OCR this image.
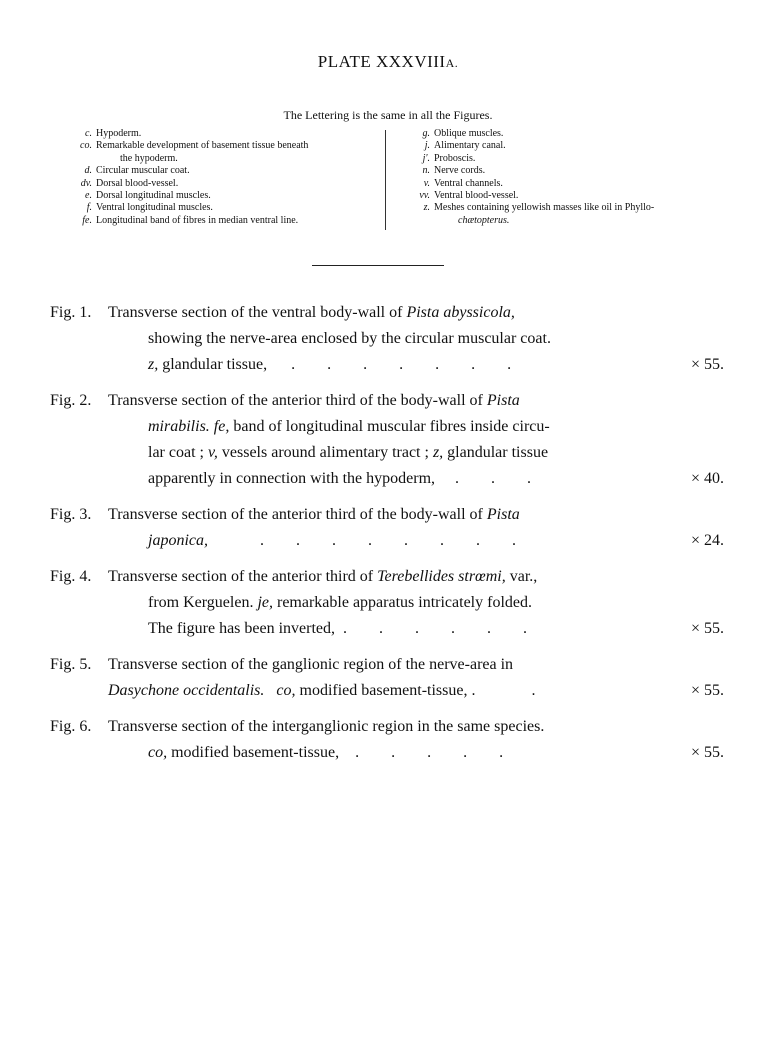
PLATE XXXVIIIA.
The Lettering is the same in all the Figures.
c. Hypoderm.
co. Remarkable development of basement tissue beneath
the hypoderm.
d. Circular muscular coat.
dv. Dorsal blood-vessel.
e. Dorsal longitudinal muscles.
f. Ventral longitudinal muscles.
fe. Longitudinal band of fibres in median ventral line.
g. Oblique muscles.
j. Alimentary canal.
j'. Proboscis.
n. Nerve cords.
v. Ventral channels.
vv. Ventral blood-vessel.
z. Meshes containing yellowish masses like oil in Phyllo-
chætopterus.
Fig. 1. Transverse section of the ventral body-wall of Pista abyssicola,
showing the nerve-area enclosed by the circular muscular coat.
z, glandular tissue, .        .        .        .        .        .        .	× 55.
Fig. 2. Transverse section of the anterior third of the body-wall of Pista
mirabilis. fe, band of longitudinal muscular fibres inside circu-
lar coat ; v, vessels around alimentary tract ; z, glandular tissue
apparently in connection with the hypoderm, .        .        .	× 40.
Fig. 3. Transverse section of the anterior third of the body-wall of Pista
japonica,	.        .        .        .        .        .        .        .	× 24.
Fig. 4. Transverse section of the anterior third of Terebellides strœmi, var.,
from Kerguelen. je, remarkable apparatus intricately folded.
The figure has been inverted, .        .        .        .        .        .	× 55.
Fig. 5. Transverse section of the ganglionic region of the nerve-area in
Dasychone occidentalis. co, modified basement-tissue, .	.	× 55.
Fig. 6. Transverse section of the interganglionic region in the same species.
co, modified basement-tissue, .        .        .        .        .	× 55.
